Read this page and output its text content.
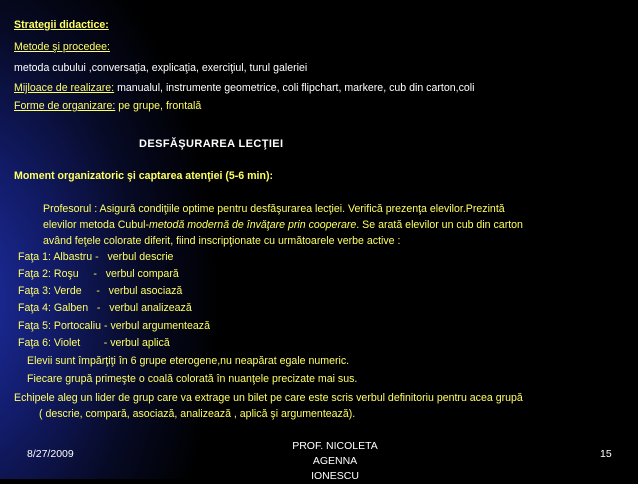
Strategii didactice:
Metode şi procedee:
metoda cubului ,conversaţia, explicaţia, exerciţiul, turul galeriei
Mijloace de realizare: manualul, instrumente geometrice, coli flipchart, markere, cub din carton,coli
Forme de organizare: pe grupe, frontală
DESFĂŞURAREA LECŢIEI
Moment organizatoric şi captarea atenţiei (5-6 min):
Profesorul : Asigură condiţiile optime pentru desfăşurarea lecţiei. Verifică prezenţa elevilor.Prezintă
elevilor metoda Cubul-metodă modernă de învăţare prin cooperare. Se arată elevilor un cub din carton
având feţele colorate diferit, fiind inscripţionate cu următoarele verbe active :
Faţa 1: Albastru -   verbul descrie
Faţa 2: Roşu     -   verbul compară
Faţa 3: Verde     -   verbul asociază
Faţa 4: Galben   -   verbul analizează
Faţa 5: Portocaliu - verbul argumentează
Faţa 6: Violet        - verbul aplică
Elevii sunt împărţiţi în 6 grupe eterogene,nu neapărat egale numeric.
Fiecare grupă primeşte o coală colorată în nuanţele precizate mai sus.
Echipele aleg un lider de grup care va extrage un bilet pe care este scris verbul definitoriu pentru acea grupă
( descrie, compară, asociază, analizează , aplică şi argumentează).
8/27/2009
PROF. NICOLETA AGENNA
IONESCU
15
